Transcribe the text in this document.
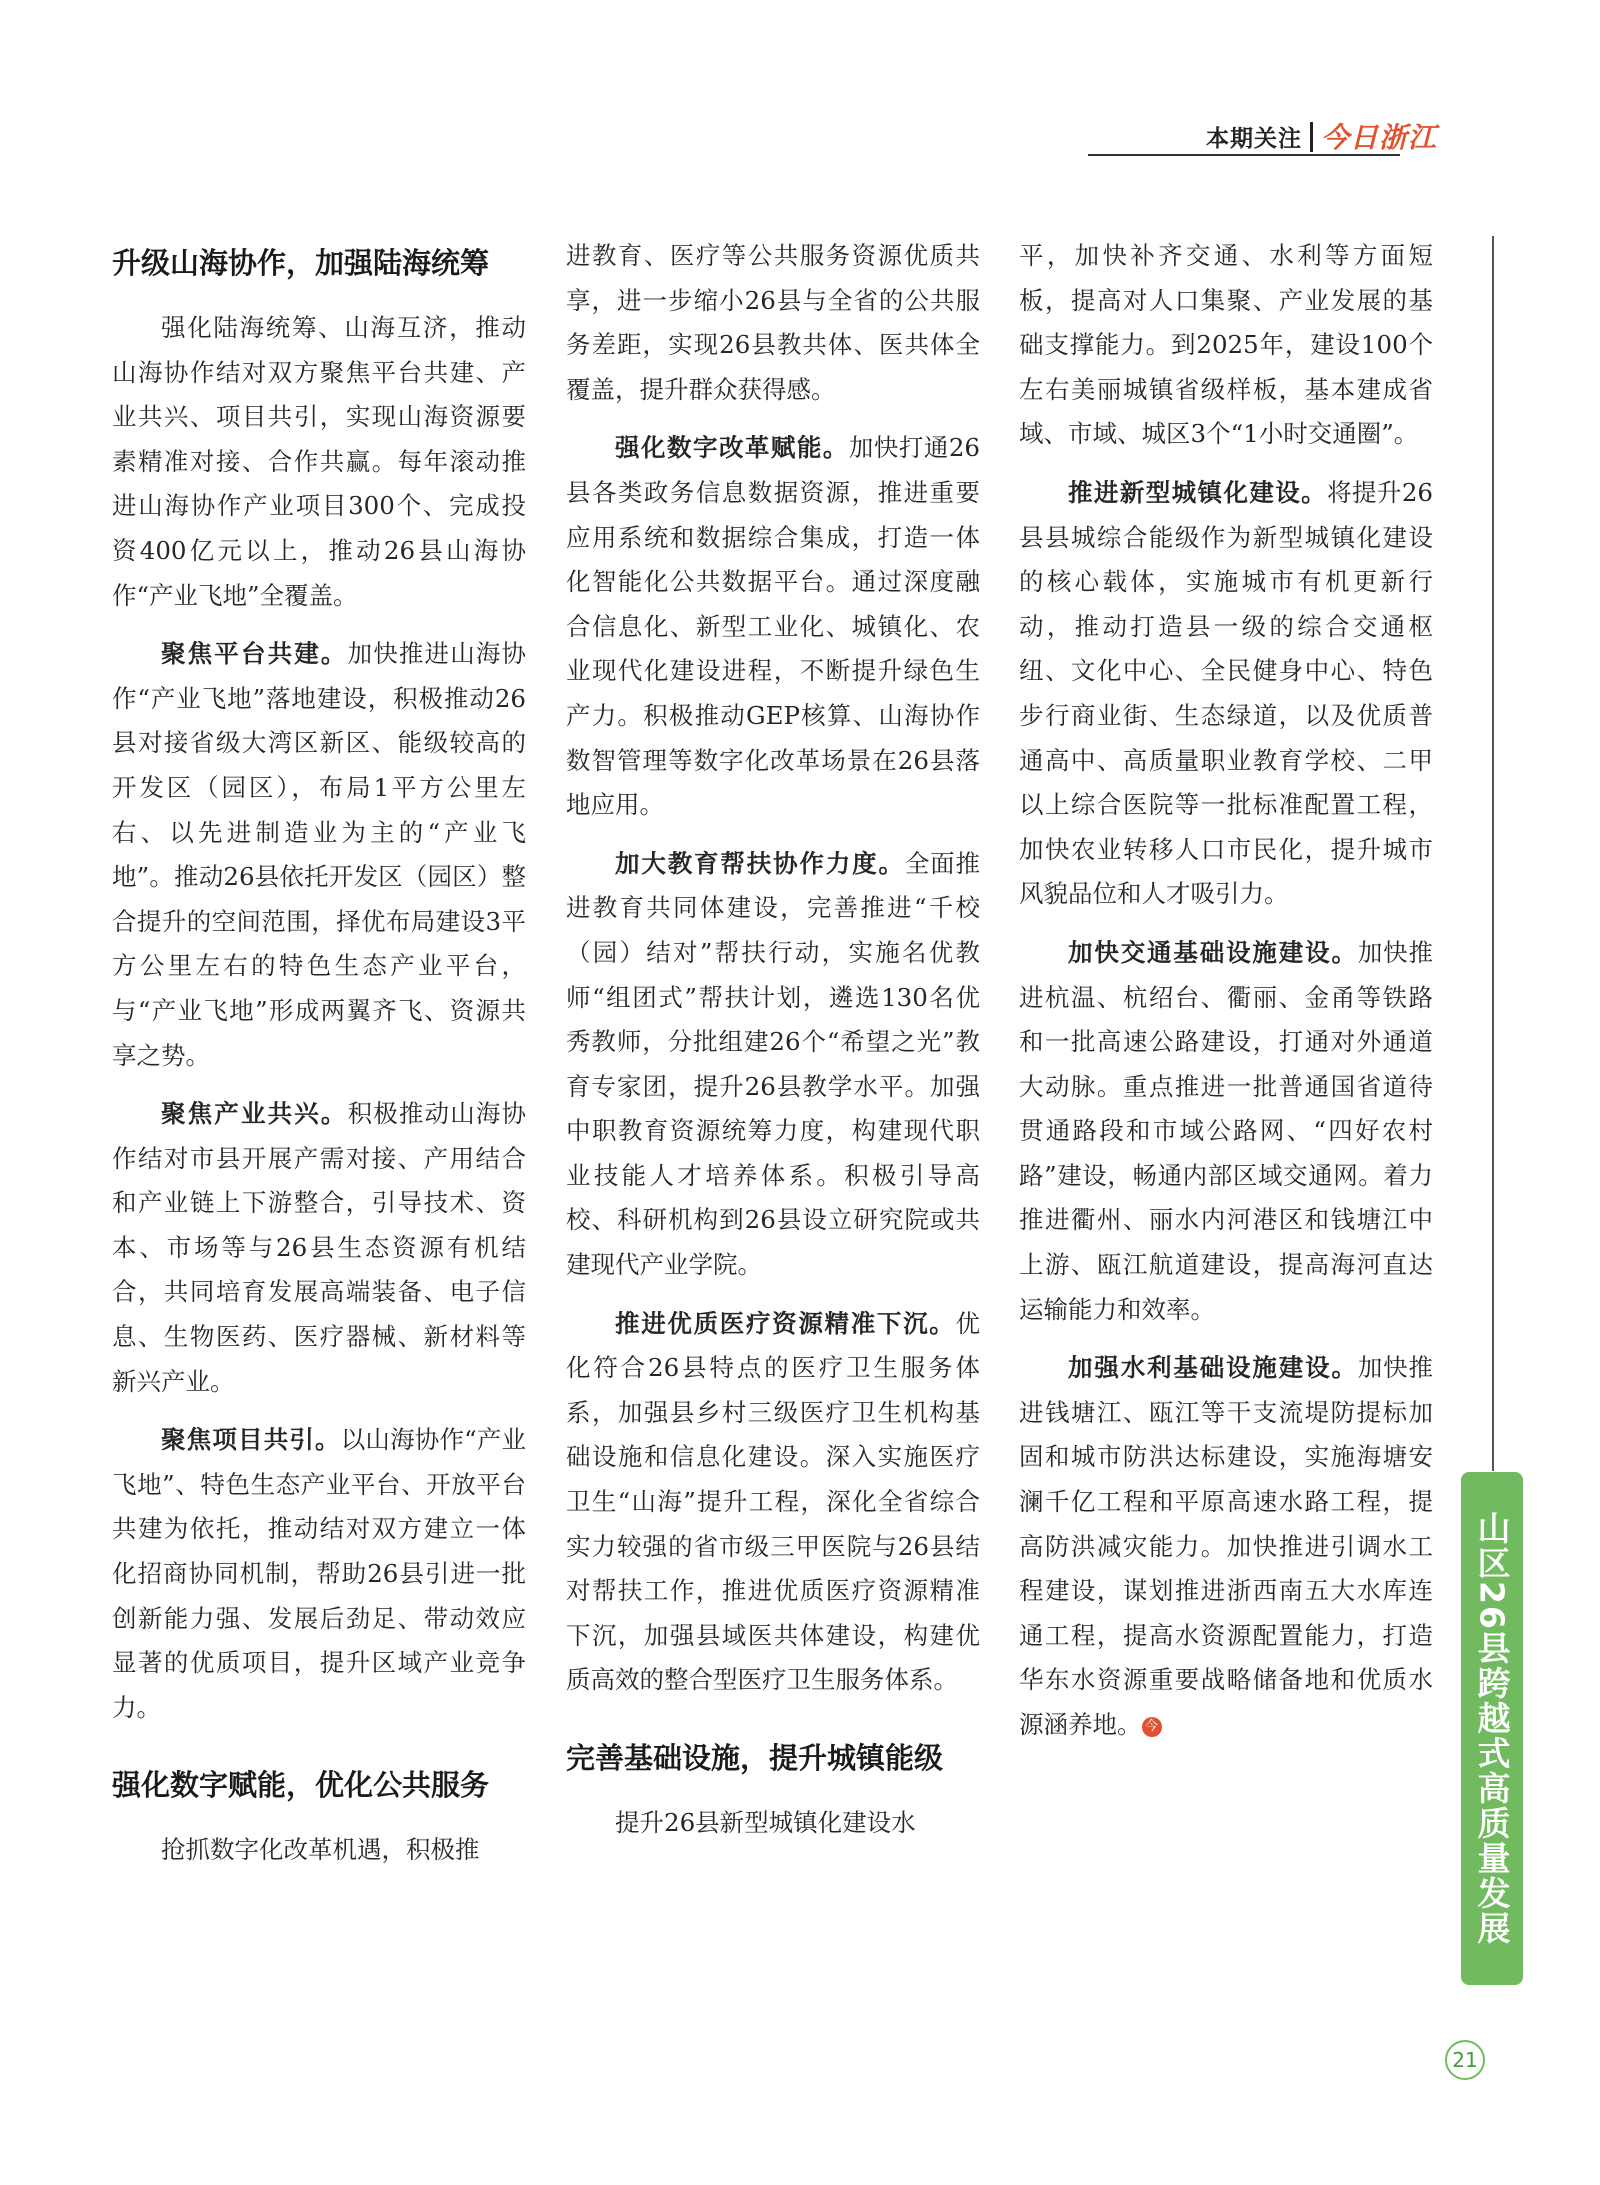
本期关注 今日浙江
升级山海协作，加强陆海统筹

强化陆海统筹、山海互济，推动山海协作结对双方聚焦平台共建、产业共兴、项目共引，实现山海资源要素精准对接、合作共赢。每年滚动推进山海协作产业项目300个、完成投资400亿元以上，推动26县山海协作“产业飞地”全覆盖。

聚焦平台共建。加快推进山海协作“产业飞地”落地建设，积极推动26县对接省级大湾区新区、能级较高的开发区（园区），布局1平方公里左右、以先进制造业为主的“产业飞地”。推动26县依托开发区（园区）整合提升的空间范围，择优布局建设3平方公里左右的特色生态产业平台，与“产业飞地”形成两翼齐飞、资源共享之势。

聚焦产业共兴。积极推动山海协作结对市县开展产需对接、产用结合和产业链上下游整合，引导技术、资本、市场等与26县生态资源有机结合，共同培育发展高端装备、电子信息、生物医药、医疗器械、新材料等新兴产业。

聚焦项目共引。以山海协作“产业飞地”、特色生态产业平台、开放平台共建为依托，推动结对双方建立一体化招商协同机制，帮助26县引进一批创新能力强、发展后劲足、带动效应显著的优质项目，提升区域产业竞争力。

强化数字赋能，优化公共服务

抢抓数字化改革机遇，积极推

进教育、医疗等公共服务资源优质共享，进一步缩小26县与全省的公共服务差距，实现26县教共体、医共体全覆盖，提升群众获得感。

强化数字改革赋能。加快打通26县各类政务信息数据资源，推进重要应用系统和数据综合集成，打造一体化智能化公共数据平台。通过深度融合信息化、新型工业化、城镇化、农业现代化建设进程，不断提升绿色生产力。积极推动GEP核算、山海协作数智管理等数字化改革场景在26县落地应用。

加大教育帮扶协作力度。全面推进教育共同体建设，完善推进“千校（园）结对”帮扶行动，实施名优教师“组团式”帮扶计划，遴选130名优秀教师，分批组建26个“希望之光”教育专家团，提升26县教学水平。加强中职教育资源统筹力度，构建现代职业技能人才培养体系。积极引导高校、科研机构到26县设立研究院或共建现代产业学院。

推进优质医疗资源精准下沉。优化符合26县特点的医疗卫生服务体系，加强县乡村三级医疗卫生机构基础设施和信息化建设。深入实施医疗卫生“山海”提升工程，深化全省综合实力较强的省市级三甲医院与26县结对帮扶工作，推进优质医疗资源精准下沉，加强县域医共体建设，构建优质高效的整合型医疗卫生服务体系。

完善基础设施，提升城镇能级

提升26县新型城镇化建设水

平，加快补齐交通、水利等方面短板，提高对人口集聚、产业发展的基础支撑能力。到2025年，建设100个左右美丽城镇省级样板，基本建成省域、市域、城区3个“1小时交通圈”。

推进新型城镇化建设。将提升26县县城综合能级作为新型城镇化建设的核心载体，实施城市有机更新行动，推动打造县一级的综合交通枢纽、文化中心、全民健身中心、特色步行商业街、生态绿道，以及优质普通高中、高质量职业教育学校、二甲以上综合医院等一批标准配置工程，加快农业转移人口市民化，提升城市风貌品位和人才吸引力。

加快交通基础设施建设。加快推进杭温、杭绍台、衢丽、金甬等铁路和一批高速公路建设，打通对外通道大动脉。重点推进一批普通国省道待贯通路段和市域公路网、“四好农村路”建设，畅通内部区域交通网。着力推进衢州、丽水内河港区和钱塘江中上游、瓯江航道建设，提高海河直达运输能力和效率。

加强水利基础设施建设。加快推进钱塘江、瓯江等干支流堤防提标加固和城市防洪达标建设，实施海塘安澜千亿工程和平原高速水路工程，提高防洪减灾能力。加快推进引调水工程建设，谋划推进浙西南五大水库连通工程，提高水资源配置能力，打造华东水资源重要战略储备地和优质水源涵养地。 今	山区26县跨越式高质量发展
21
